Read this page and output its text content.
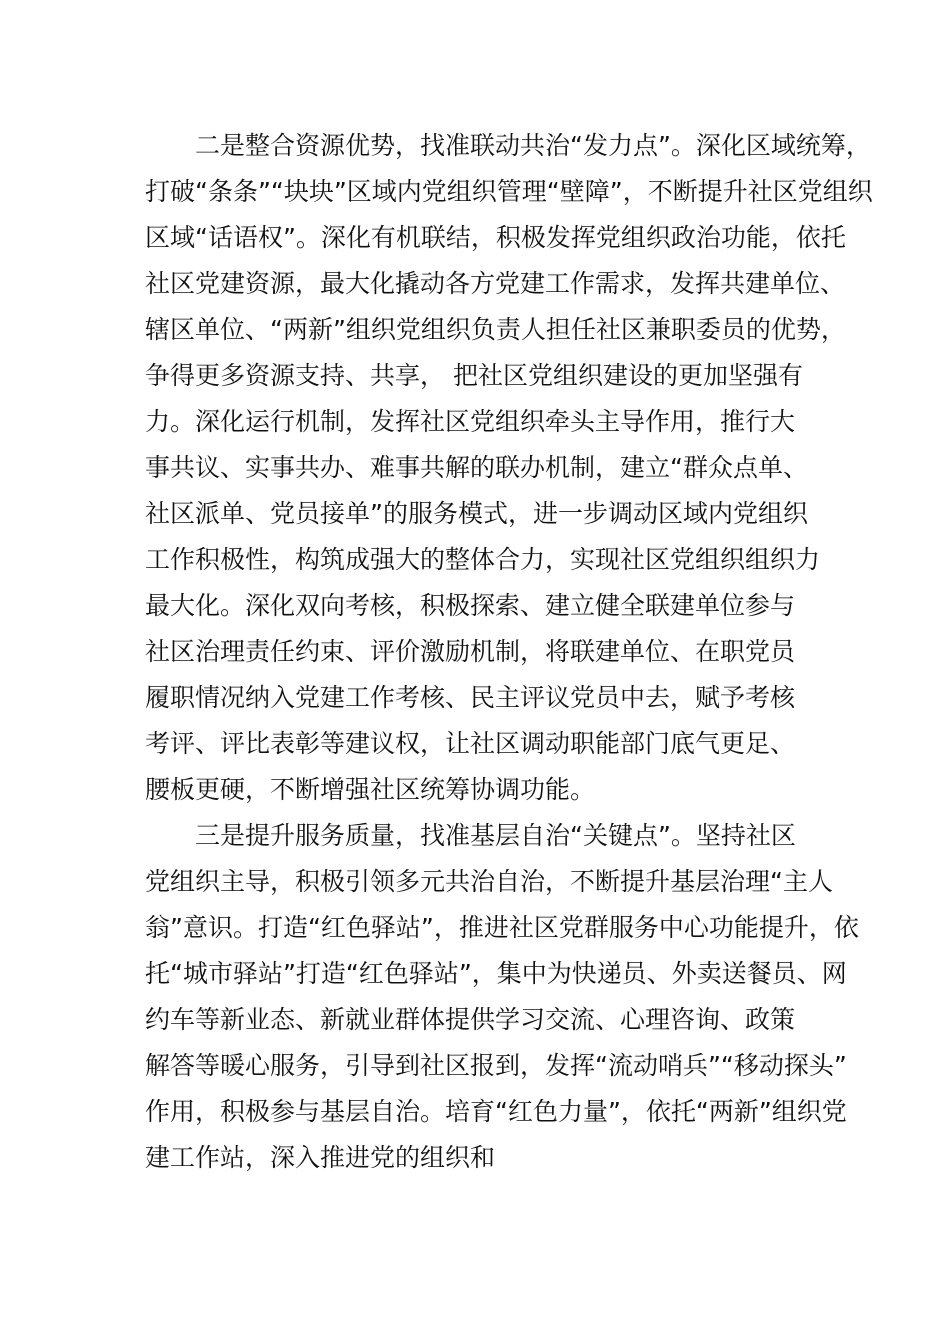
二是整合资源优势，找准联动共治“发力点”。深化区域统筹，
打破“条条”“块块”区域内党组织管理“壁障”，不断提升社区党组织
区域“话语权”。深化有机联结，积极发挥党组织政治功能，依托
社区党建资源，最大化撬动各方党建工作需求，发挥共建单位、
辖区单位、“两新”组织党组织负责人担任社区兼职委员的优势，
争得更多资源支持、共享， 把社区党组织建设的更加坚强有
力。深化运行机制，发挥社区党组织牵头主导作用，推行大
事共议、实事共办、难事共解的联办机制，建立“群众点单、
社区派单、党员接单”的服务模式，进一步调动区域内党组织
工作积极性，构筑成强大的整体合力，实现社区党组织组织力
最大化。深化双向考核，积极探索、建立健全联建单位参与
社区治理责任约束、评价激励机制，将联建单位、在职党员
履职情况纳入党建工作考核、民主评议党员中去，赋予考核
考评、评比表彰等建议权，让社区调动职能部门底气更足、
腰板更硬，不断增强社区统筹协调功能。
三是提升服务质量，找准基层自治“关键点”。坚持社区
党组织主导，积极引领多元共治自治，不断提升基层治理“主人
翁”意识。打造“红色驿站”，推进社区党群服务中心功能提升，依
托“城市驿站”打造“红色驿站”，集中为快递员、外卖送餐员、网
约车等新业态、新就业群体提供学习交流、心理咨询、政策
解答等暖心服务，引导到社区报到，发挥“流动哨兵”“移动探头”
作用，积极参与基层自治。培育“红色力量”，依托“两新”组织党
建工作站，深入推进党的组织和
